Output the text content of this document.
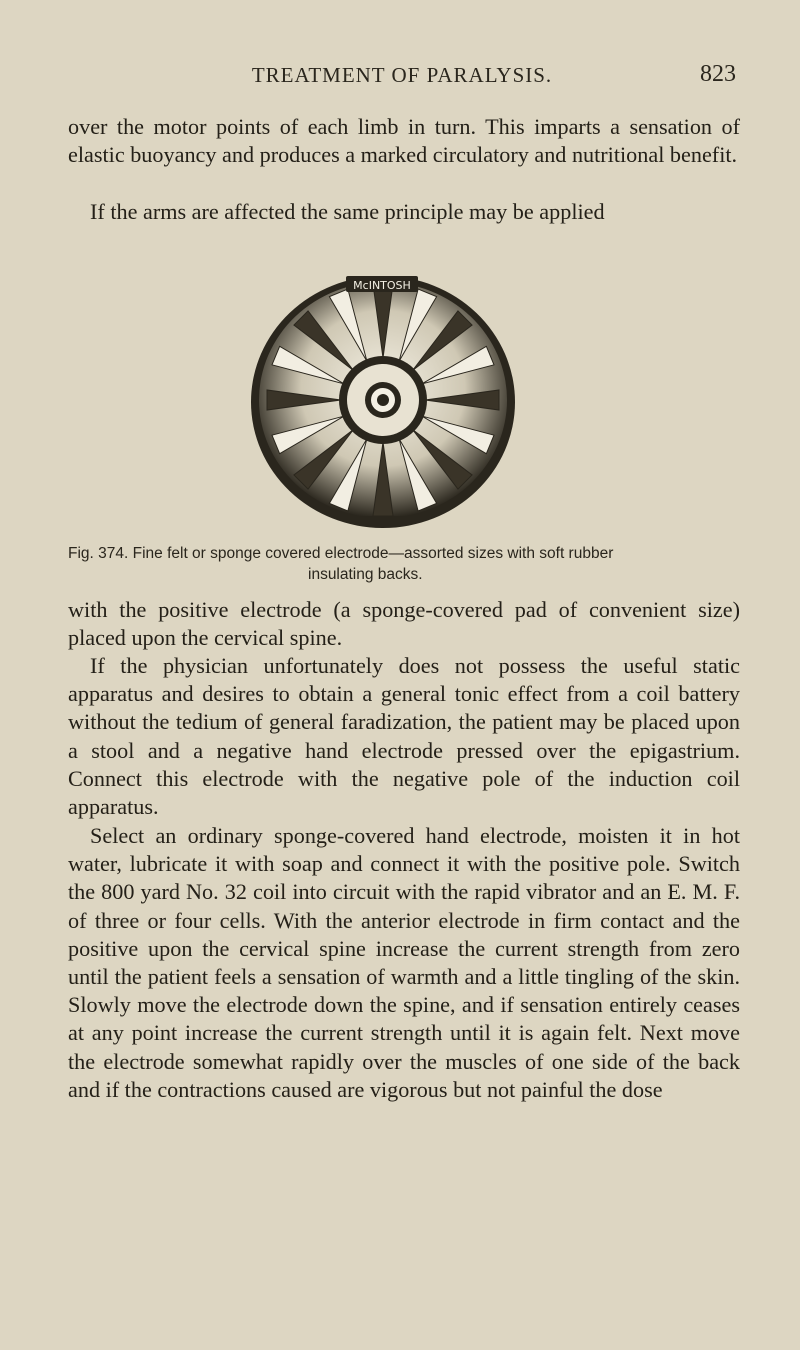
TREATMENT OF PARALYSIS.	823

over the motor points of each limb in turn. This imparts a sensation of elastic buoyancy and produces a marked circulatory and nutritional benefit.

If the arms are affected the same principle may be applied

McINTOSH
Fig. 374. Fine felt or sponge covered electrode—assorted sizes with soft rubber
insulating backs.

with the positive electrode (a sponge-covered pad of convenient size) placed upon the cervical spine.

If the physician unfortunately does not possess the useful static apparatus and desires to obtain a general tonic effect from a coil battery without the tedium of general faradization, the patient may be placed upon a stool and a negative hand electrode pressed over the epigastrium. Connect this electrode with the negative pole of the induction coil apparatus.

Select an ordinary sponge-covered hand electrode, moisten it in hot water, lubricate it with soap and connect it with the positive pole. Switch the 800 yard No. 32 coil into circuit with the rapid vibrator and an E. M. F. of three or four cells. With the anterior electrode in firm contact and the positive upon the cervical spine increase the current strength from zero until the patient feels a sensation of warmth and a little tingling of the skin. Slowly move the electrode down the spine, and if sensation entirely ceases at any point increase the current strength until it is again felt. Next move the electrode somewhat rapidly over the muscles of one side of the back and if the contractions caused are vigorous but not painful the dose
